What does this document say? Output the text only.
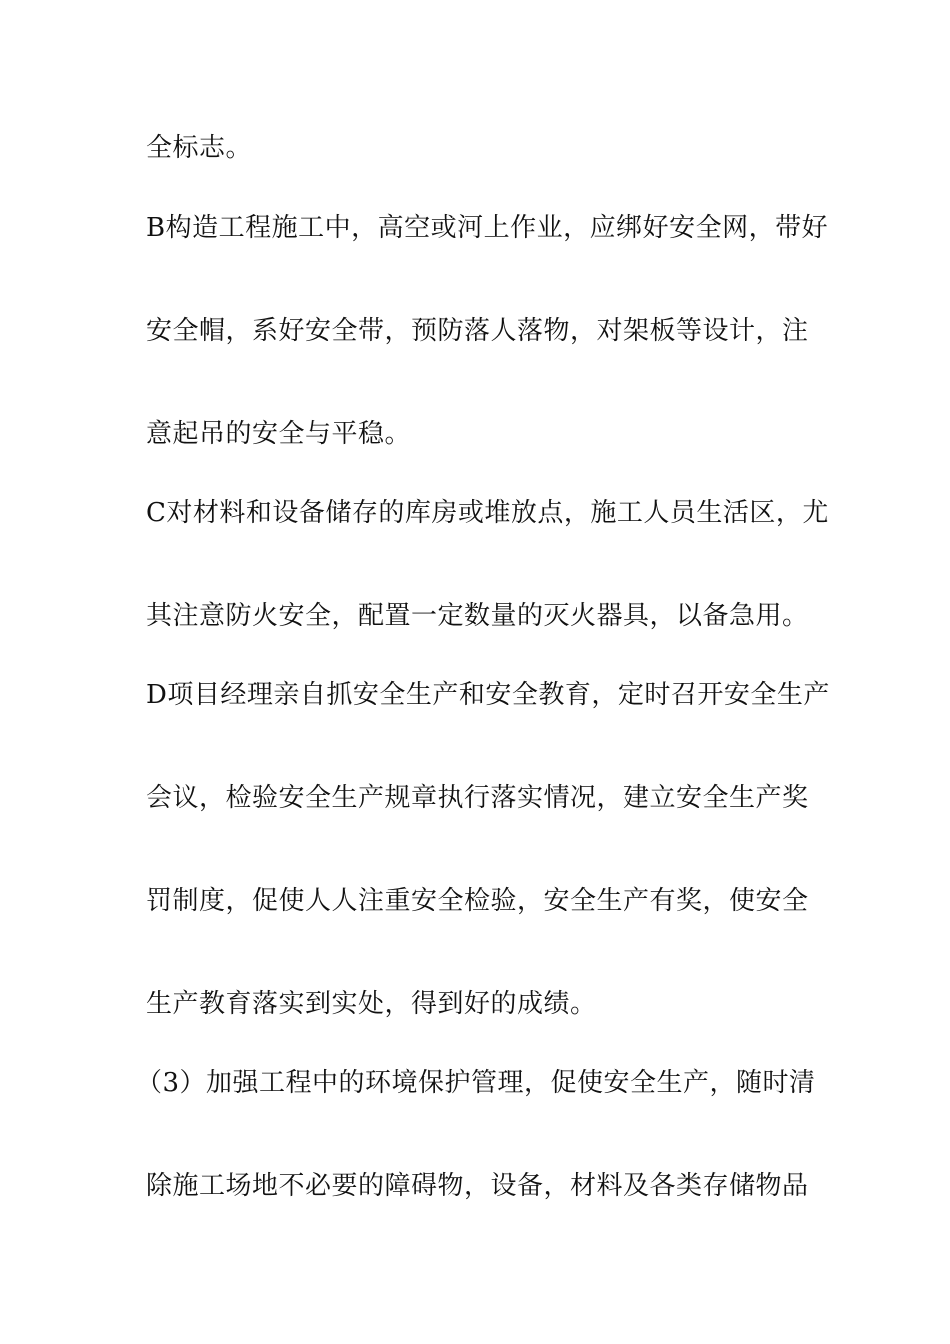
全标志。
B构造工程施工中，高空或河上作业，应绑好安全网，带好
安全帽，系好安全带，预防落人落物，对架板等设计，注
意起吊的安全与平稳。
C对材料和设备储存的库房或堆放点，施工人员生活区，尤
其注意防火安全，配置一定数量的灭火器具，以备急用。
D项目经理亲自抓安全生产和安全教育，定时召开安全生产
会议，检验安全生产规章执行落实情况，建立安全生产奖
罚制度，促使人人注重安全检验，安全生产有奖，使安全
生产教育落实到实处，得到好的成绩。
（3）加强工程中的环境保护管理，促使安全生产，随时清
除施工场地不必要的障碍物，设备，材料及各类存储物品
